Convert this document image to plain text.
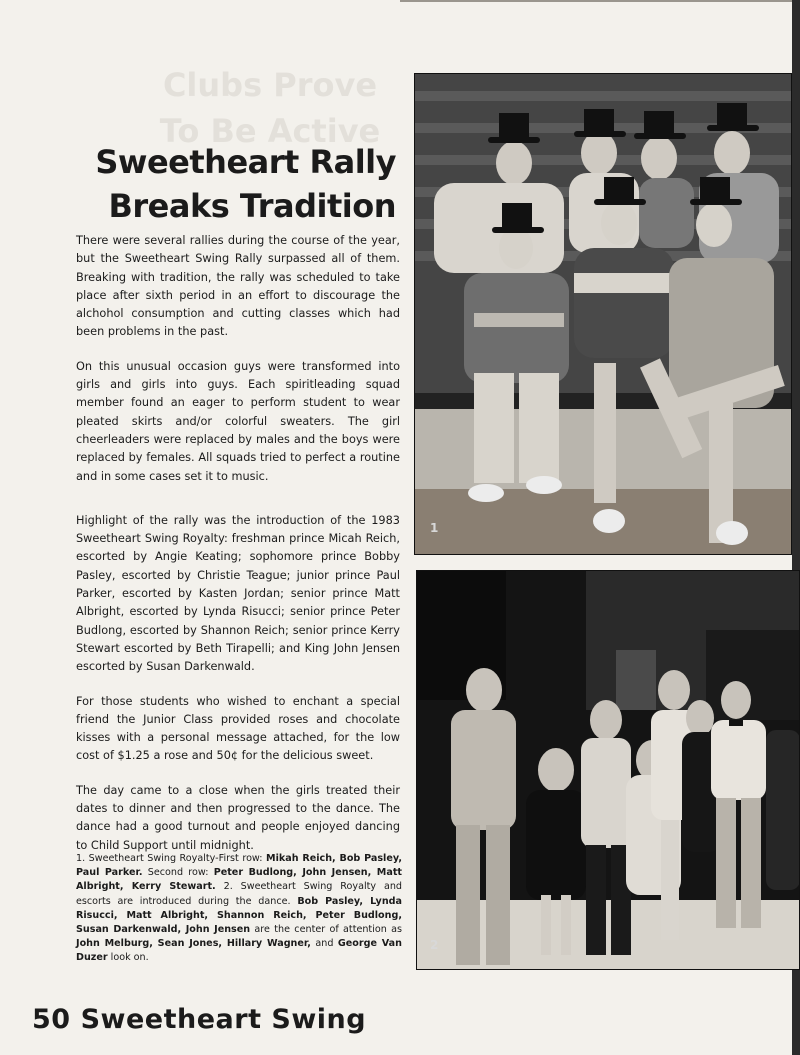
Clubs Prove
To Be Active
Sweetheart Rally
Breaks Tradition

There were several rallies during the course of the year, but the Sweetheart Swing Rally surpassed all of them. Breaking with tradition, the rally was scheduled to take place after sixth period in an effort to discourage the alchohol consumption and cutting classes which had been problems in the past.

On this unusual occasion guys were transformed into girls and girls into guys. Each spiritleading squad member found an eager to perform student to wear pleated skirts and/or colorful sweaters. The girl cheerleaders were replaced by males and the boys were replaced by females. All squads tried to perfect a routine and in some cases set it to music.

Highlight of the rally was the introduction of the 1983 Sweetheart Swing Royalty: freshman prince Micah Reich, escorted by Angie Keating; sophomore prince Bobby Pasley, escorted by Christie Teague; junior prince Paul Parker, escorted by Kasten Jordan; senior prince Matt Albright, escorted by Lynda Risucci; senior prince Peter Budlong, escorted by Shannon Reich; senior prince Kerry Stewart escorted by Beth Tirapelli; and King John Jensen escorted by Susan Darkenwald.

For those students who wished to enchant a special friend the Junior Class provided roses and chocolate kisses with a personal message attached, for the low cost of $1.25 a rose and 50¢ for the delicious sweet.

The day came to a close when the girls treated their dates to dinner and then progressed to the dance. The dance had a good turnout and people enjoyed dancing to Child Support until midnight.

1. Sweetheart Swing Royalty-First row: Mikah Reich, Bob Pasley, Paul Parker. Second row: Peter Budlong, John Jensen, Matt Albright, Kerry Stewart. 2. Sweetheart Swing Royalty and escorts are introduced during the dance. Bob Pasley, Lynda Risucci, Matt Albright, Shannon Reich, Peter Budlong, Susan Darkenwald, John Jensen are the center of attention as John Melburg, Sean Jones, Hillary Wagner, and George Van Duzer look on.
50 Sweetheart Swing
1
2
